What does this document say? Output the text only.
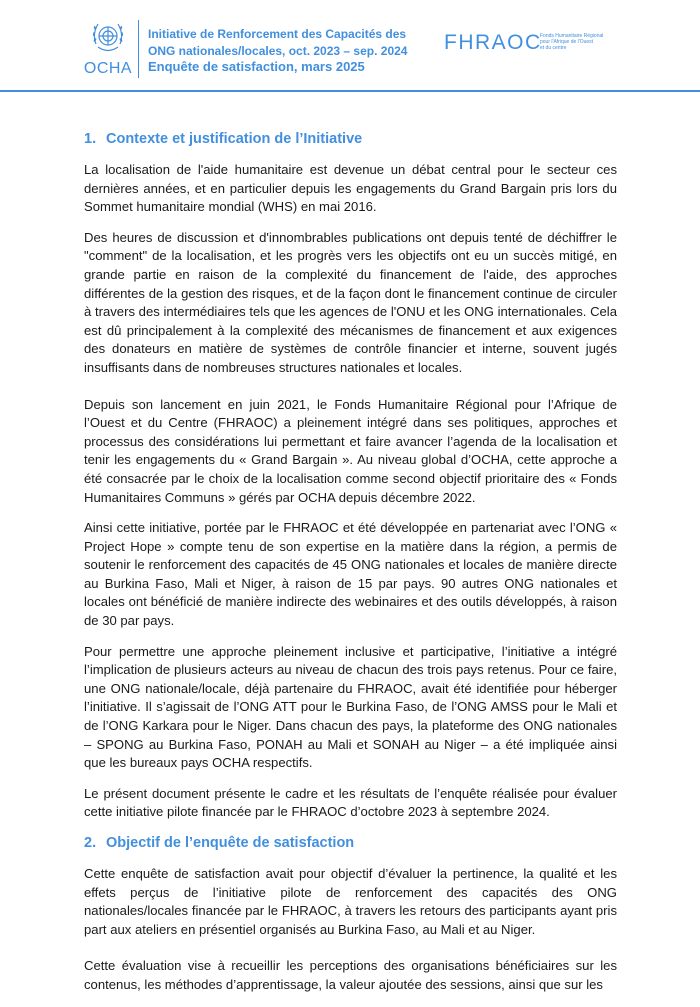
OCHA
Initiative de Renforcement des Capacités des
ONG nationales/locales, oct. 2023 – sep. 2024
Enquête de satisfaction, mars 2025
FHRAOC
Fonds Humanitaire Régional
pour l'Afrique de l'Ouest
et du centre
1. Contexte et justification de l’Initiative

La localisation de l'aide humanitaire est devenue un débat central pour le secteur ces dernières années, et en particulier depuis les engagements du Grand Bargain pris lors du Sommet humanitaire mondial (WHS) en mai 2016.

Des heures de discussion et d'innombrables publications ont depuis tenté de déchiffrer le "comment" de la localisation, et les progrès vers les objectifs ont eu un succès mitigé, en grande partie en raison de la complexité du financement de l'aide, des approches différentes de la gestion des risques, et de la façon dont le financement continue de circuler à travers des intermédiaires tels que les agences de l'ONU et les ONG internationales. Cela est dû principalement à la complexité des mécanismes de financement et aux exigences des donateurs en matière de systèmes de contrôle financier et interne, souvent jugés insuffisants dans de nombreuses structures nationales et locales.

Depuis son lancement en juin 2021, le Fonds Humanitaire Régional pour l’Afrique de l’Ouest et du Centre (FHRAOC) a pleinement intégré dans ses politiques, approches et processus des considérations lui permettant et faire avancer l’agenda de la localisation et tenir les engagements du « Grand Bargain ». Au niveau global d’OCHA, cette approche a été consacrée par le choix de la localisation comme second objectif prioritaire des « Fonds Humanitaires Communs » gérés par OCHA depuis décembre 2022.

Ainsi cette initiative, portée par le FHRAOC et été développée en partenariat avec l’ONG « Project Hope » compte tenu de son expertise en la matière dans la région, a permis de soutenir le renforcement des capacités de 45 ONG nationales et locales de manière directe au Burkina Faso, Mali et Niger, à raison de 15 par pays. 90 autres ONG nationales et locales ont bénéficié de manière indirecte des webinaires et des outils développés, à raison de 30 par pays.

Pour permettre une approche pleinement inclusive et participative, l’initiative a intégré l’implication de plusieurs acteurs au niveau de chacun des trois pays retenus. Pour ce faire, une ONG nationale/locale, déjà partenaire du FHRAOC, avait été identifiée pour héberger l’initiative. Il s’agissait de l’ONG ATT pour le Burkina Faso, de l’ONG AMSS pour le Mali et de l’ONG Karkara pour le Niger. Dans chacun des pays, la plateforme des ONG nationales – SPONG au Burkina Faso, PONAH au Mali et SONAH au Niger – a été impliquée ainsi que les bureaux pays OCHA respectifs.

Le présent document présente le cadre et les résultats de l’enquête réalisée pour évaluer cette initiative pilote financée par le FHRAOC d’octobre 2023 à septembre 2024.

2. Objectif de l’enquête de satisfaction

Cette enquête de satisfaction avait pour objectif d’évaluer la pertinence, la qualité et les effets perçus de l’initiative pilote de renforcement des capacités des ONG nationales/locales financée par le FHRAOC, à travers les retours des participants ayant pris part aux ateliers en présentiel organisés au Burkina Faso, au Mali et au Niger.

Cette évaluation vise à recueillir les perceptions des organisations bénéficiaires sur les contenus, les méthodes d’apprentissage, la valeur ajoutée des sessions, ainsi que sur les
